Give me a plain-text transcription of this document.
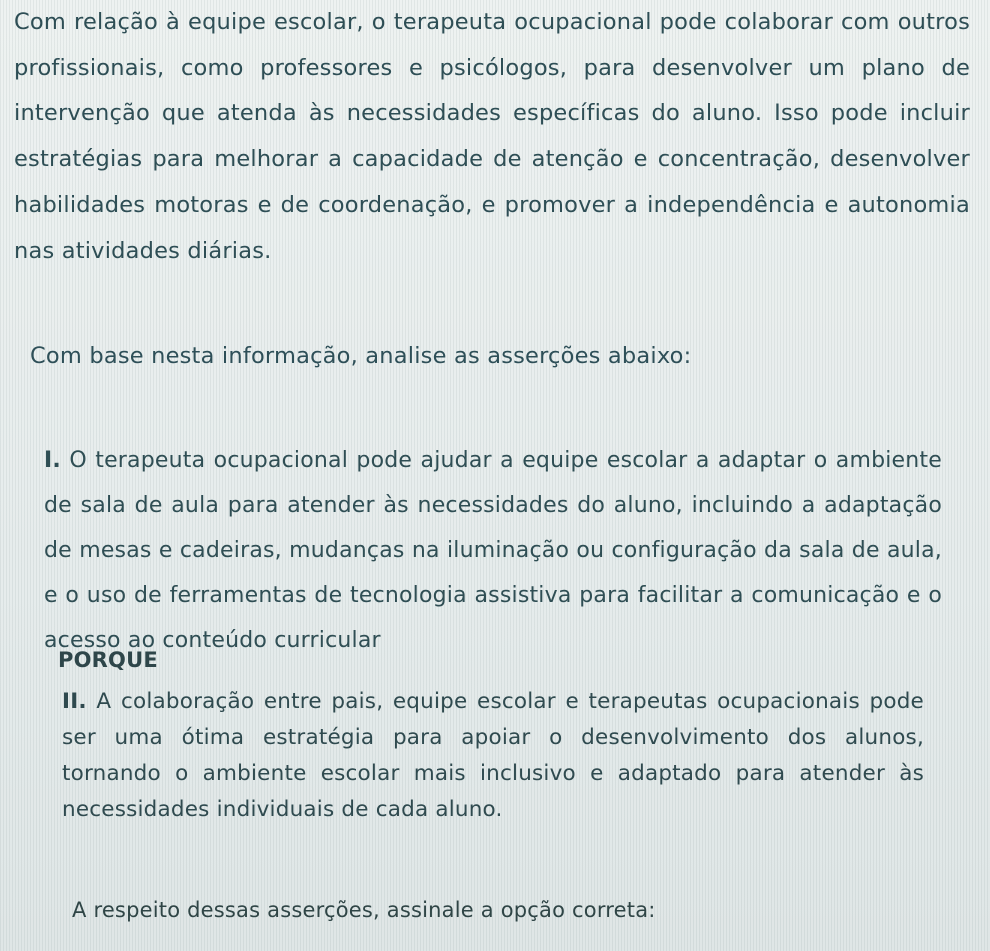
Com relação à equipe escolar, o terapeuta ocupacional pode colaborar com outros profissionais, como professores e psicólogos, para desenvolver um plano de intervenção que atenda às necessidades específicas do aluno. Isso pode incluir estratégias para melhorar a capacidade de atenção e concentração, desenvolver habilidades motoras e de coordenação, e promover a independência e autonomia nas atividades diárias.

Com base nesta informação, analise as asserções abaixo:

I. O terapeuta ocupacional pode ajudar a equipe escolar a adaptar o ambiente de sala de aula para atender às necessidades do aluno, incluindo a adaptação de mesas e cadeiras, mudanças na iluminação ou configuração da sala de aula, e o uso de ferramentas de tecnologia assistiva para facilitar a comunicação e o acesso ao conteúdo curricular

PORQUE

II. A colaboração entre pais, equipe escolar e terapeutas ocupacionais pode ser uma ótima estratégia para apoiar o desenvolvimento dos alunos, tornando o ambiente escolar mais inclusivo e adaptado para atender às necessidades individuais de cada aluno.

A respeito dessas asserções, assinale a opção correta:
